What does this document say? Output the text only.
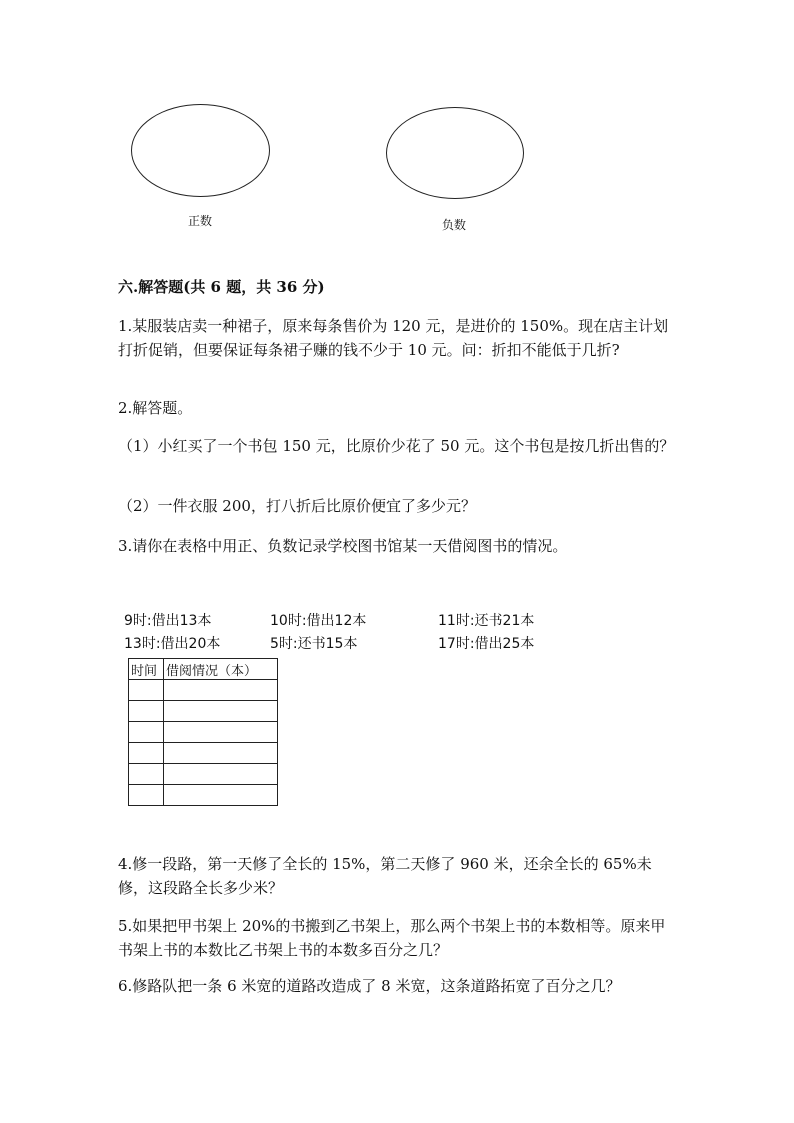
正数	负数
六.解答题(共 6 题，共 36 分)
1.某服装店卖一种裙子，原来每条售价为 120 元，是进价的 150%。现在店主计划打折促销，但要保证每条裙子赚的钱不少于 10 元。问：折扣不能低于几折?
2.解答题。
（1）小红买了一个书包 150 元，比原价少花了 50 元。这个书包是按几折出售的？
（2）一件衣服 200，打八折后比原价便宜了多少元？
3.请你在表格中用正、负数记录学校图书馆某一天借阅图书的情况。
9时:借出13本	10时:借出12本	11时:还书21本
13时:借出20本	5时:还书15本	17时:借出25本
时间	借阅情况（本）

4.修一段路，第一天修了全长的 15%，第二天修了 960 米，还余全长的 65%未修，这段路全长多少米？
5.如果把甲书架上 20%的书搬到乙书架上，那么两个书架上书的本数相等。原来甲书架上书的本数比乙书架上书的本数多百分之几？
6.修路队把一条 6 米宽的道路改造成了 8 米宽，这条道路拓宽了百分之几？
